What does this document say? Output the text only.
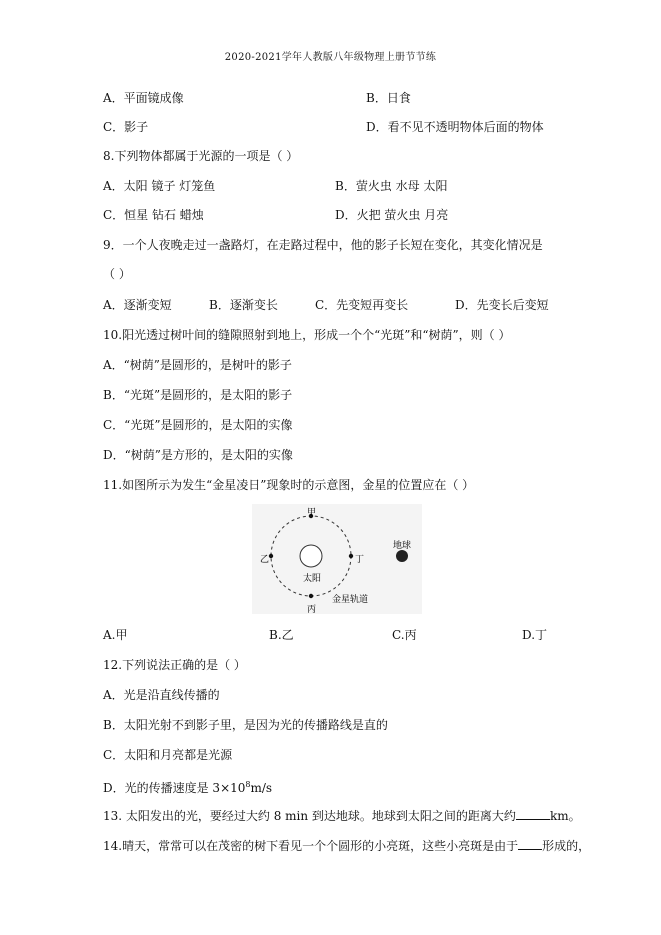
2020-2021学年人教版八年级物理上册节节练
A．平面镜成像	B．日食
C．影子	D．看不见不透明物体后面的物体
8.下列物体都属于光源的一项是（ ）
A．太阳 镜子 灯笼鱼	B．萤火虫 水母 太阳
C．恒星 钻石 蜡烛	D．火把 萤火虫 月亮
9．一个人夜晚走过一盏路灯，在走路过程中，他的影子长短在变化，其变化情况是
（ ）
A．逐渐变短	B．逐渐变长	C．先变短再变长	D．先变长后变短
10.阳光透过树叶间的缝隙照射到地上，形成一个个“光斑”和“树荫”，则（ ）
A．“树荫”是圆形的，是树叶的影子
B．“光斑”是圆形的，是太阳的影子
C．“光斑”是圆形的，是太阳的实像
D．“树荫”是方形的，是太阳的实像
11.如图所示为发生“金星凌日”现象时的示意图，金星的位置应在（ ）
甲
乙	丁
丙
太阳
地球
金星轨道
A.甲	B.乙	C.丙	D.丁
12.下列说法正确的是（ ）
A．光是沿直线传播的
B．太阳光射不到影子里，是因为光的传播路线是直的
C．太阳和月亮都是光源
D．光的传播速度是 $3\times 10^8m/s$
13. 太阳发出的光，要经过大约 8 min 到达地球。地球到太阳之间的距离大约	km。
14.晴天，常常可以在茂密的树下看见一个个圆形的小亮斑，这些小亮斑是由于 形成的，
